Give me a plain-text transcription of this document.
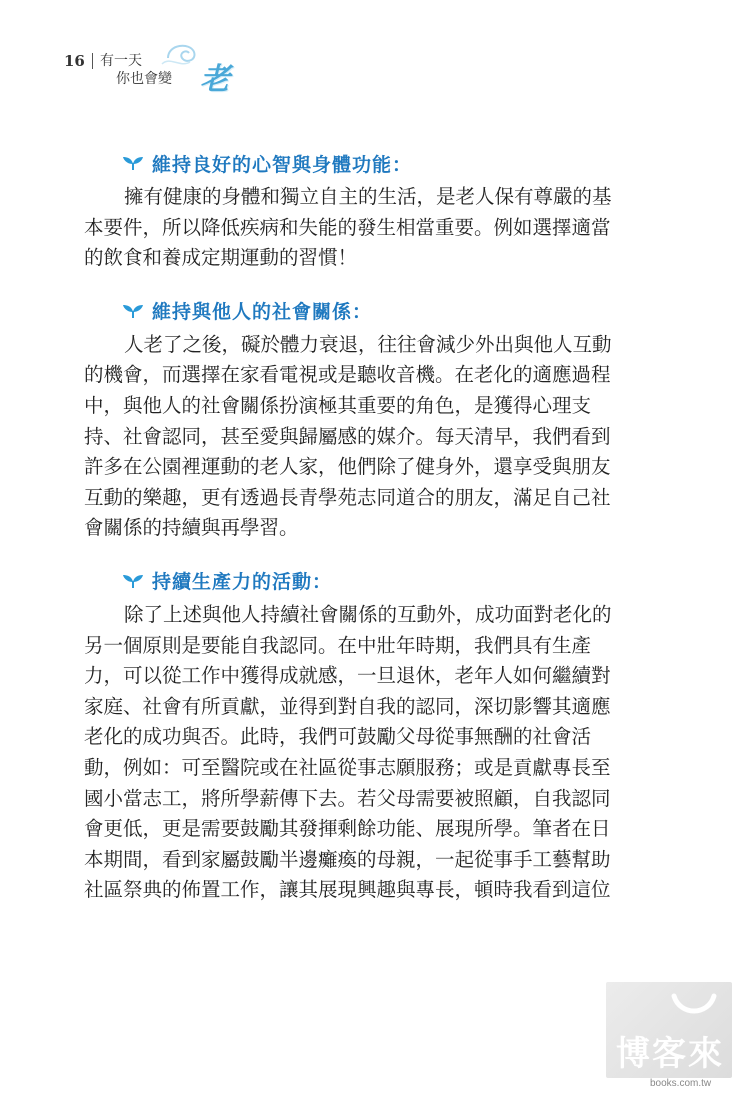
16 有一天
你也會變 老
維持良好的心智與身體功能：

擁有健康的身體和獨立自主的生活，是老人保有尊嚴的基
本要件，所以降低疾病和失能的發生相當重要。例如選擇適當
的飲食和養成定期運動的習慣！

維持與他人的社會關係：

人老了之後，礙於體力衰退，往往會減少外出與他人互動
的機會，而選擇在家看電視或是聽收音機。在老化的適應過程
中，與他人的社會關係扮演極其重要的角色，是獲得心理支
持、社會認同，甚至愛與歸屬感的媒介。每天清早，我們看到
許多在公園裡運動的老人家，他們除了健身外，還享受與朋友
互動的樂趣，更有透過長青學苑志同道合的朋友，滿足自己社
會關係的持續與再學習。

持續生產力的活動：

除了上述與他人持續社會關係的互動外，成功面對老化的
另一個原則是要能自我認同。在中壯年時期，我們具有生產
力，可以從工作中獲得成就感，一旦退休，老年人如何繼續對
家庭、社會有所貢獻，並得到對自我的認同，深切影響其適應
老化的成功與否。此時，我們可鼓勵父母從事無酬的社會活
動，例如：可至醫院或在社區從事志願服務；或是貢獻專長至
國小當志工，將所學薪傳下去。若父母需要被照顧，自我認同
會更低，更是需要鼓勵其發揮剩餘功能、展現所學。筆者在日
本期間，看到家屬鼓勵半邊癱瘓的母親，一起從事手工藝幫助
社區祭典的佈置工作，讓其展現興趣與專長，頓時我看到這位

博客來
books.com.tw
